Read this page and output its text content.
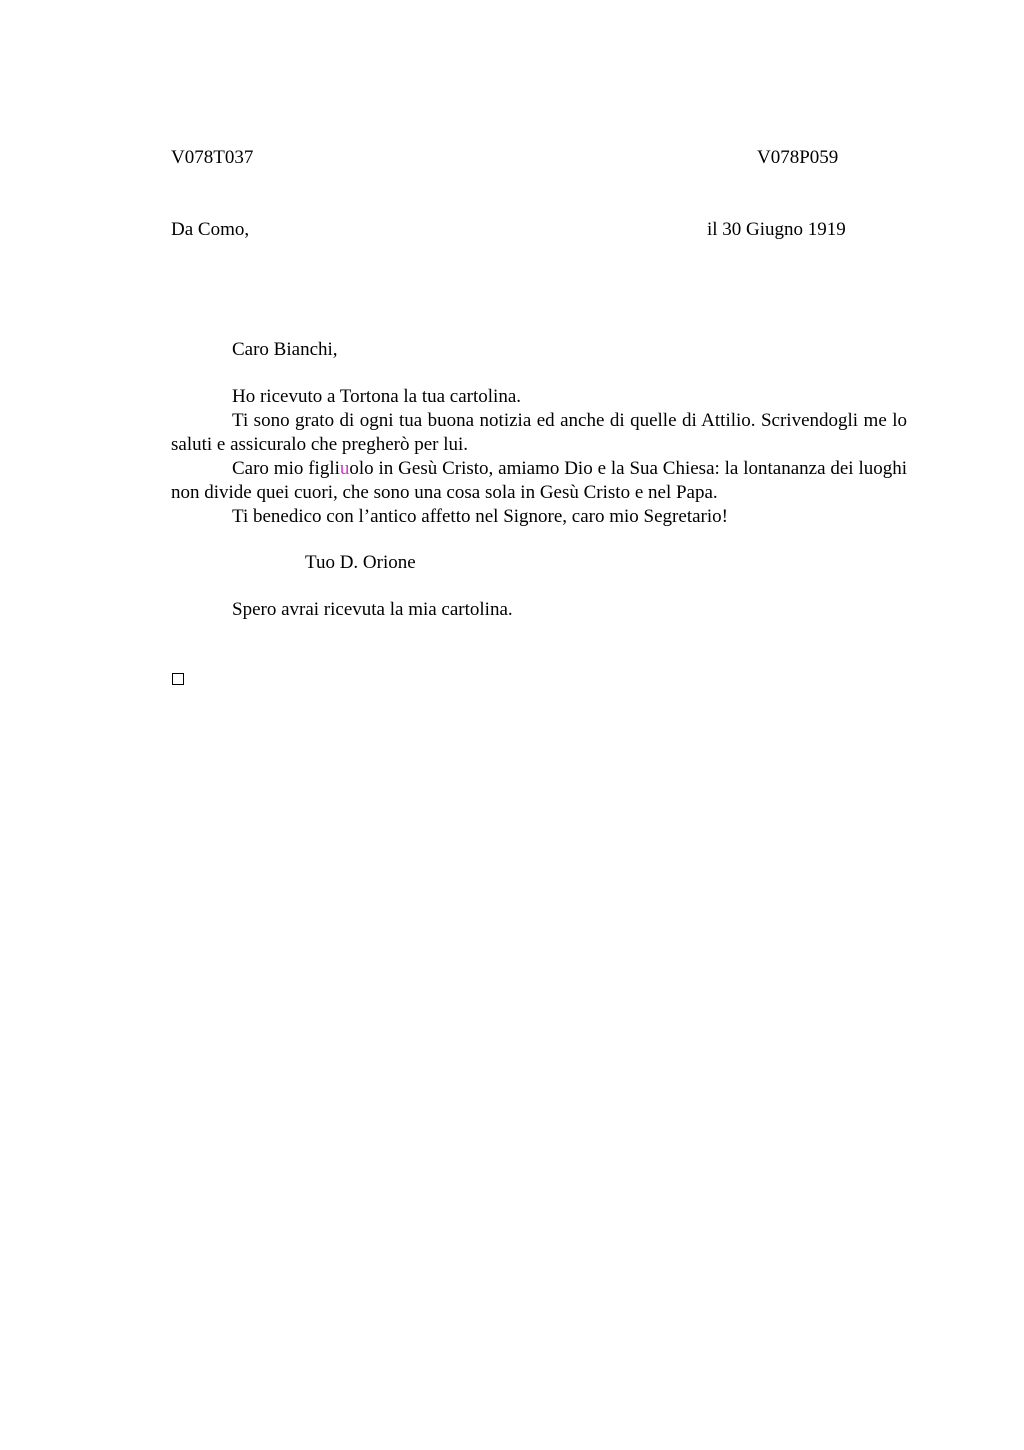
V078T037	V078P059
Da Como,	il 30 Giugno 1919
Caro Bianchi,

Ho ricevuto a Tortona la tua cartolina.

Ti sono grato di ogni tua buona notizia ed anche di quelle di Attilio. Scrivendogli me lo saluti e assicuralo che pregherò per lui.

Caro mio figliuolo in Gesù Cristo, amiamo Dio e la Sua Chiesa: la lontananza dei luoghi non divide quei cuori, che sono una cosa sola in Gesù Cristo e nel Papa.

Ti benedico con l’antico affetto nel Signore, caro mio Segretario!

Tuo D. Orione
Spero avrai ricevuta la mia cartolina.
